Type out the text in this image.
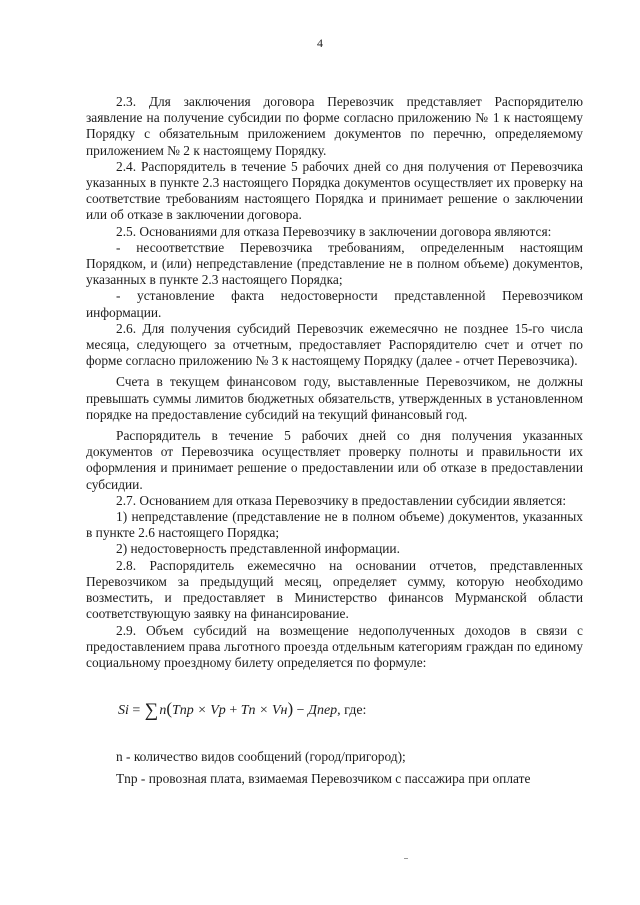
4

2.3. Для заключения договора Перевозчик представляет Распорядителю заявление на получение субсидии по форме согласно приложению № 1 к настоящему Порядку с обязательным приложением документов по перечню, определяемому приложением № 2 к настоящему Порядку.

2.4. Распорядитель в течение 5 рабочих дней со дня получения от Перевозчика указанных в пункте 2.3 настоящего Порядка документов осуществляет их проверку на соответствие требованиям настоящего Порядка и принимает решение о заключении или об отказе в заключении договора.

2.5. Основаниями для отказа Перевозчику в заключении договора являются:

- несоответствие Перевозчика требованиям, определенным настоящим Порядком, и (или) непредставление (представление не в полном объеме) документов, указанных в пункте 2.3 настоящего Порядка;

- установление факта недостоверности представленной Перевозчиком информации.

2.6. Для получения субсидий Перевозчик ежемесячно не позднее 15-го числа месяца, следующего за отчетным, предоставляет Распорядителю счет и отчет по форме согласно приложению № 3 к настоящему Порядку (далее - отчет Перевозчика).

Счета в текущем финансовом году, выставленные Перевозчиком, не должны превышать суммы лимитов бюджетных обязательств, утвержденных в установленном порядке на предоставление субсидий на текущий финансовый год.

Распорядитель в течение 5 рабочих дней со дня получения указанных документов от Перевозчика осуществляет проверку полноты и правильности их оформления и принимает решение о предоставлении или об отказе в предоставлении субсидии.

2.7. Основанием для отказа Перевозчику в предоставлении субсидии является:

1) непредставление (представление не в полном объеме) документов, указанных в пункте 2.6 настоящего Порядка;

2) недостоверность представленной информации.

2.8. Распорядитель ежемесячно на основании отчетов, представленных Перевозчиком за предыдущий месяц, определяет сумму, которую необходимо возместить, и предоставляет в Министерство финансов Мурманской области соответствующую заявку на финансирование.

2.9. Объем субсидий на возмещение недополученных доходов в связи с предоставлением права льготного проезда отдельным категориям граждан по единому социальному проездному билету определяется по формуле:

Si = ∑n(Tnp × Vp + Tn × Vн) − Дпер, где:

n - количество видов сообщений (город/пригород);

Tnp - провозная плата, взимаемая Перевозчиком с пассажира при оплате
